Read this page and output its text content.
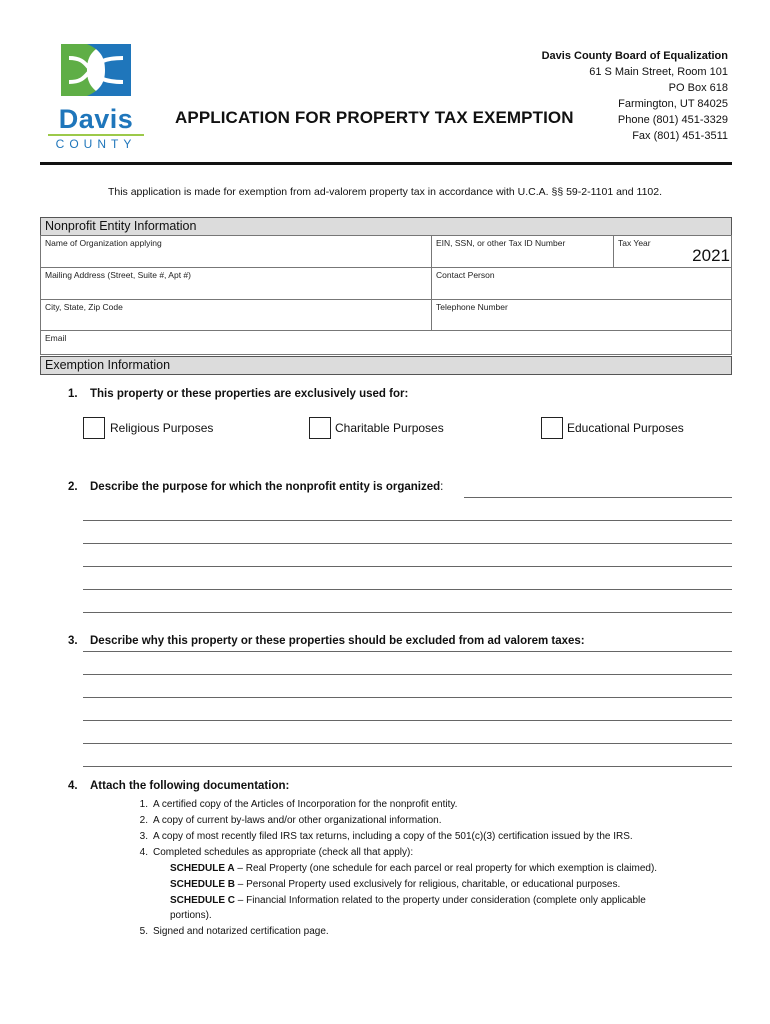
Davis
COUNTY
APPLICATION FOR PROPERTY TAX EXEMPTION
Davis County Board of Equalization
61 S Main Street, Room 101
PO Box 618
Farmington, UT 84025
Phone (801) 451-3329
Fax (801) 451-3511
This application is made for exemption from ad-valorem property tax in accordance with U.C.A. §§ 59-2-1101 and 1102.
Nonprofit Entity Information
Name of Organization applying	EIN, SSN, or other Tax ID Number	Tax Year
2021
Mailing Address (Street, Suite #, Apt #)	Contact Person
City, State, Zip Code	Telephone Number
Email
Exemption Information
1. This property or these properties are exclusively used for:
Religious Purposes	Charitable Purposes	Educational Purposes
2. Describe the purpose for which the nonprofit entity is organized:
3. Describe why this property or these properties should be excluded from ad valorem taxes:
4. Attach the following documentation:
1. A certified copy of the Articles of Incorporation for the nonprofit entity.
2. A copy of current by-laws and/or other organizational information.
3. A copy of most recently filed IRS tax returns, including a copy of the 501(c)(3) certification issued by the IRS.
4. Completed schedules as appropriate (check all that apply):
SCHEDULE A – Real Property (one schedule for each parcel or real property for which exemption is claimed).
SCHEDULE B – Personal Property used exclusively for religious, charitable, or educational purposes.
SCHEDULE C – Financial Information related to the property under consideration (complete only applicable
portions).
5. Signed and notarized certification page.
